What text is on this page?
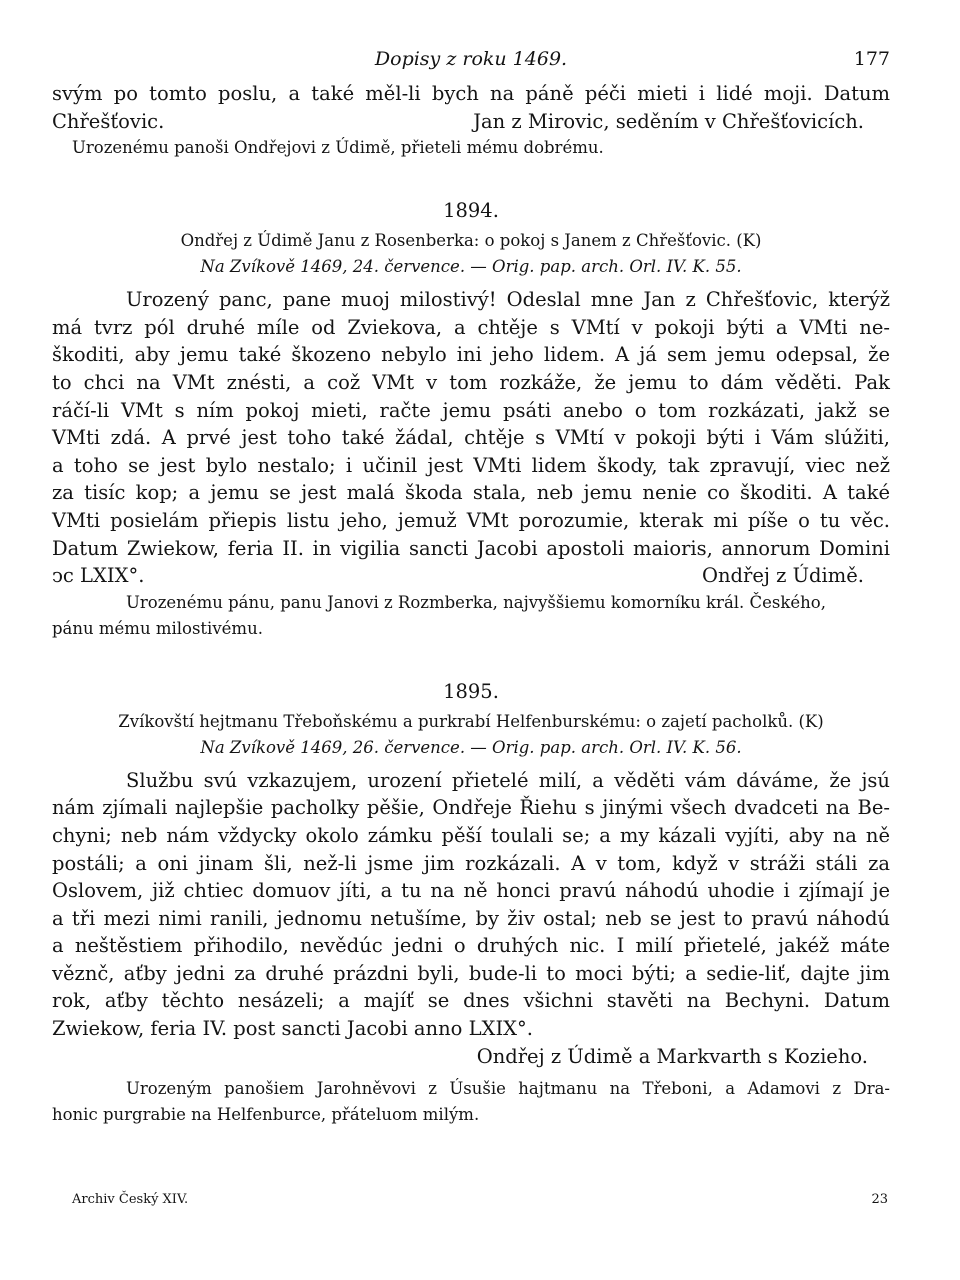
Dopisy z roku 1469.	177
svým po tomto poslu, a také měl-li bych na páně péči mieti i lidé moji. Datum
Chřešťovic.	Jan z Mirovic, seděním v Chřešťovicích.
Urozenému panoši Ondřejovi z Údimě, přieteli mému dobrému.
1894.
Ondřej z Údimě Janu z Rosenberka: o pokoj s Janem z Chřešťovic. (K)
Na Zvíkově 1469, 24. července. — Orig. pap. arch. Orl. IV. K. 55.
Urozený panc, pane muoj milostivý! Odeslal mne Jan z Chřešťovic, kterýž
má tvrz pól druhé míle od Zviekova, a chtěje s VMtí v pokoji býti a VMti ne-
škoditi, aby jemu také škozeno nebylo ini jeho lidem. A já sem jemu odepsal, že
to chci na VMt znésti, a což VMt v tom rozkáže, že jemu to dám věděti. Pak
ráčí-li VMt s ním pokoj mieti, račte jemu psáti anebo o tom rozkázati, jakž se
VMti zdá. A prvé jest toho také žádal, chtěje s VMtí v pokoji býti i Vám slúžiti,
a toho se jest bylo nestalo; i učinil jest VMti lidem škody, tak zpravují, viec než
za tisíc kop; a jemu se jest malá škoda stala, neb jemu nenie co škoditi. A také
VMti posielám přiepis listu jeho, jemuž VMt porozumie, kterak mi píše o tu věc.
Datum Zwiekow, feria II. in vigilia sancti Jacobi apostoli maioris, annorum Domini
ↄc LXIX°.	Ondřej z Údimě.
Urozenému pánu, panu Janovi z Rozmberka, najvyššiemu komorníku král. Českého,
pánu mému milostivému.
1895.
Zvíkovští hejtmanu Třeboňskému a purkrabí Helfenburskému: o zajetí pacholků. (K)
Na Zvíkově 1469, 26. července. — Orig. pap. arch. Orl. IV. K. 56.
Službu svú vzkazujem, urození přietelé milí, a věděti vám dáváme, že jsú
nám zjímali najlepšie pacholky pěšie, Ondřeje Řiehu s jinými všech dvadceti na Be-
chyni; neb nám vždycky okolo zámku pěší toulali se; a my kázali vyjíti, aby na ně
postáli; a oni jinam šli, než-li jsme jim rozkázali. A v tom, když v stráži stáli za
Oslovem, již chtiec domuov jíti, a tu na ně honci pravú náhodú uhodie i zjímají je
a tři mezi nimi ranili, jednomu netušíme, by živ ostal; neb se jest to pravú náhodú
a neštěstiem přihodilo, nevědúc jedni o druhých nic. I milí přietelé, jakéž máte
věznč, aťby jedni za druhé prázdni byli, bude-li to moci býti; a sedie-liť, dajte jim
rok, aťby těchto nesázeli; a majíť se dnes všichni stavěti na Bechyni. Datum
Zwiekow, feria IV. post sancti Jacobi anno LXIX°.
Ondřej z Údimě a Markvarth s Kozieho.
Urozeným panošiem Jarohněvovi z Úsušie hajtmanu na Třeboni, a Adamovi z Dra-
honic purgrabie na Helfenburce, přáteluom milým.
Archiv Český XIV.	23
